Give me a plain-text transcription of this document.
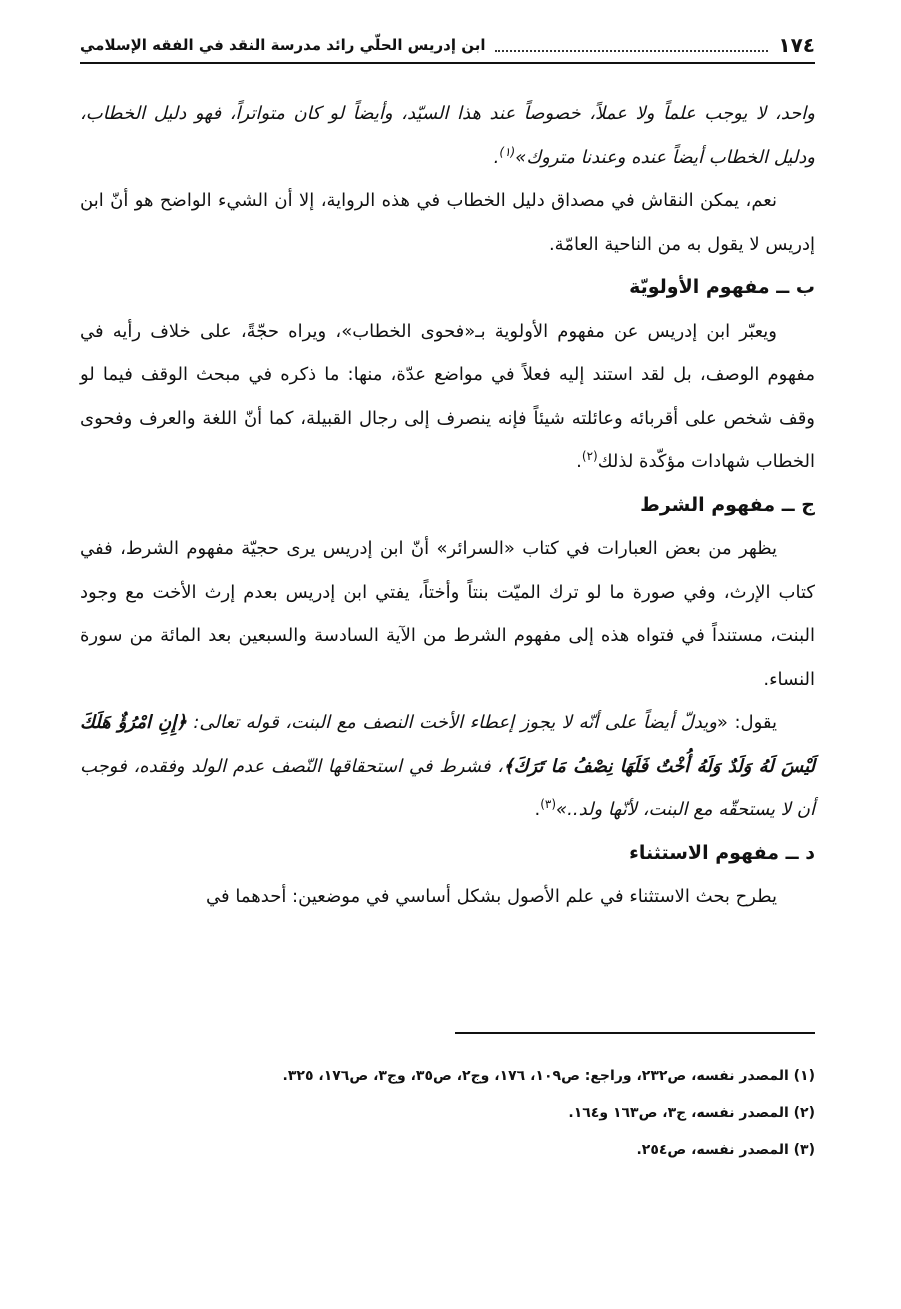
١٧٤
ابن إدريس الحلّي رائد مدرسة النقد في الفقه الإسلامي

واحد، لا يوجب علماً ولا عملاً، خصوصاً عند هذا السيّد، وأيضاً لو كان متواتراً، فهو دليل الخطاب، ودليل الخطاب أيضاً عنده وعندنا متروك»$^{(١)}$.

نعم، يمكن النقاش في مصداق دليل الخطاب في هذه الرواية، إلا أن الشيء الواضح هو أنّ ابن إدريس لا يقول به من الناحية العامّة.

ب ــ مفهوم الأولويّة

ويعبّر ابن إدريس عن مفهوم الأولوية بـ«فحوى الخطاب»، ويراه حجّةً، على خلاف رأيه في مفهوم الوصف، بل لقد استند إليه فعلاً في مواضع عدّة، منها: ما ذكره في مبحث الوقف فيما لو وقف شخص على أقربائه وعائلته شيئاً فإنه ينصرف إلى رجال القبيلة، كما أنّ اللغة والعرف وفحوى الخطاب شهادات مؤكّدة لذلك$^{(٢)}$.

ج ــ مفهوم الشرط

يظهر من بعض العبارات في كتاب «السرائر» أنّ ابن إدريس يرى حجيّة مفهوم الشرط، ففي كتاب الإرث، وفي صورة ما لو ترك الميّت بنتاً وأختاً، يفتي ابن إدريس بعدم إرث الأخت مع وجود البنت، مستنداً في فتواه هذه إلى مفهوم الشرط من الآية السادسة والسبعين بعد المائة من سورة النساء.

يقول: «ويدلّ أيضاً على أنّه لا يجوز إعطاء الأخت النصف مع البنت، قوله تعالى: ﴿إِنِ امْرُؤٌ هَلَكَ لَيْسَ لَهُ وَلَدٌ وَلَهُ أُخْتٌ فَلَهَا نِصْفُ مَا تَرَكَ﴾، فشرط في استحقاقها النّصف عدم الولد وفقده، فوجب أن لا يستحقّه مع البنت، لأنّها ولد..»$^{(٣)}$.

د ــ مفهوم الاستثناء

يطرح بحث الاستثناء في علم الأصول بشكل أساسي في موضعين: أحدهما في

(١) المصدر نفسه، ص٢٣٢، وراجع: ص١٠٩، ١٧٦، وج٢، ص٣٥، وج٣، ص١٧٦، ٣٢٥.

(٢) المصدر نفسه، ج٣، ص١٦٣ و١٦٤.

(٣) المصدر نفسه، ص٢٥٤.
